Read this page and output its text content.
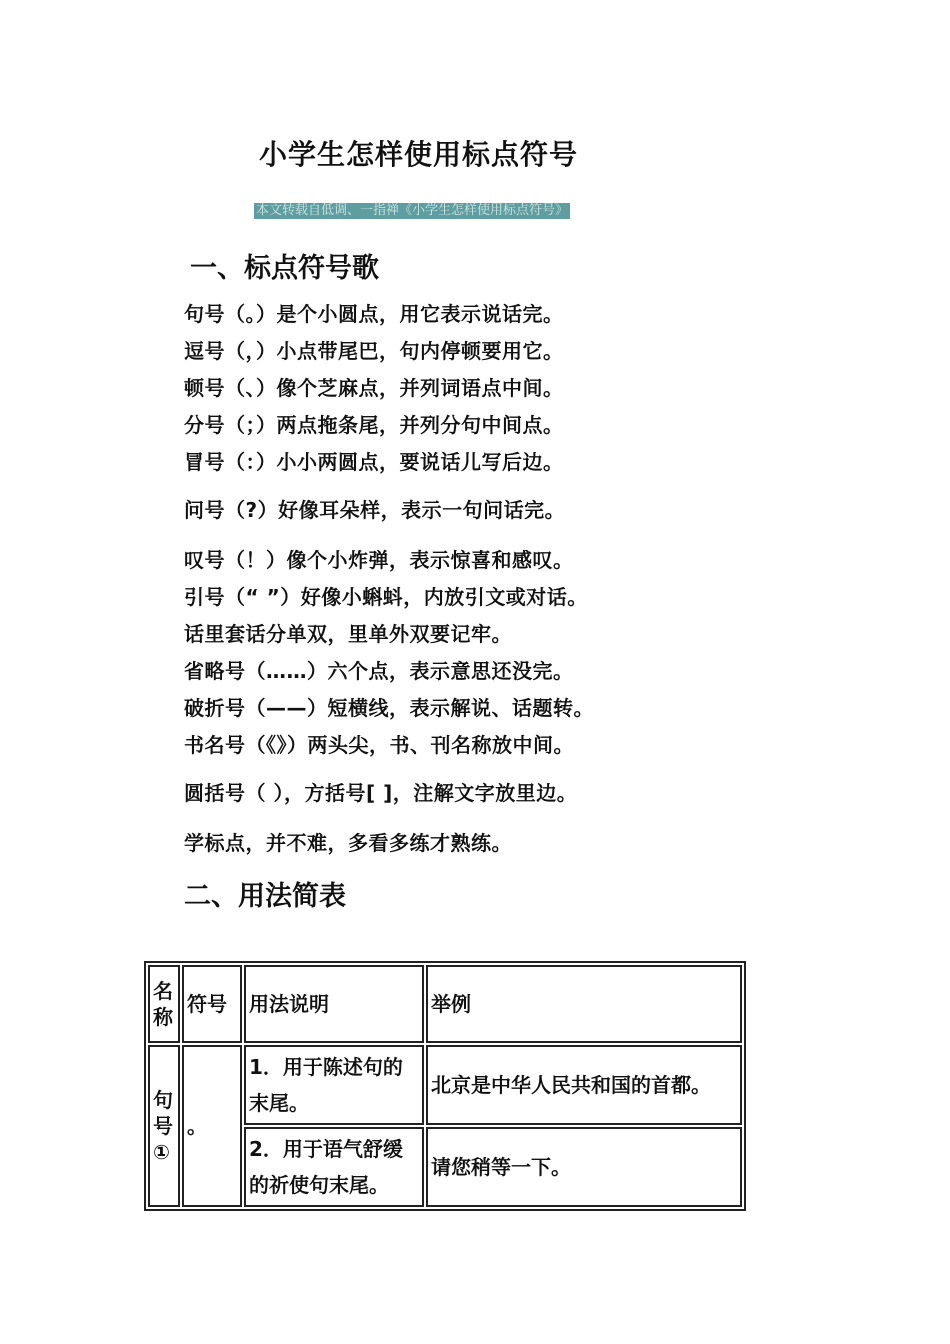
小学生怎样使用标点符号
本文转载自低调、一指禅《小学生怎样使用标点符号》
一、标点符号歌
句号（。）是个小圆点，用它表示说话完。
逗号（，）小点带尾巴，句内停顿要用它。
顿号（、）像个芝麻点，并列词语点中间。
分号（；）两点拖条尾，并列分句中间点。
冒号（：）小小两圆点，要说话儿写后边。
问号（?）好像耳朵样，表示一句问话完。
叹号（！）像个小炸弹，表示惊喜和感叹。
引号（“ ”）好像小蝌蚪，内放引文或对话。
话里套话分单双，里单外双要记牢。
省略号（……）六个点，表示意思还没完。
破折号（——）短横线，表示解说、话题转。
书名号（《》）两头尖，书、刊名称放中间。
圆括号（ ），方括号[ ]，注解文字放里边。
学标点，并不难，多看多练才熟练。
二、用法简表
名称	符号	用法说明	举例
句号①	。	1．用于陈述句的末尾。	北京是中华人民共和国的首都。
		2．用于语气舒缓的祈使句末尾。	请您稍等一下。
